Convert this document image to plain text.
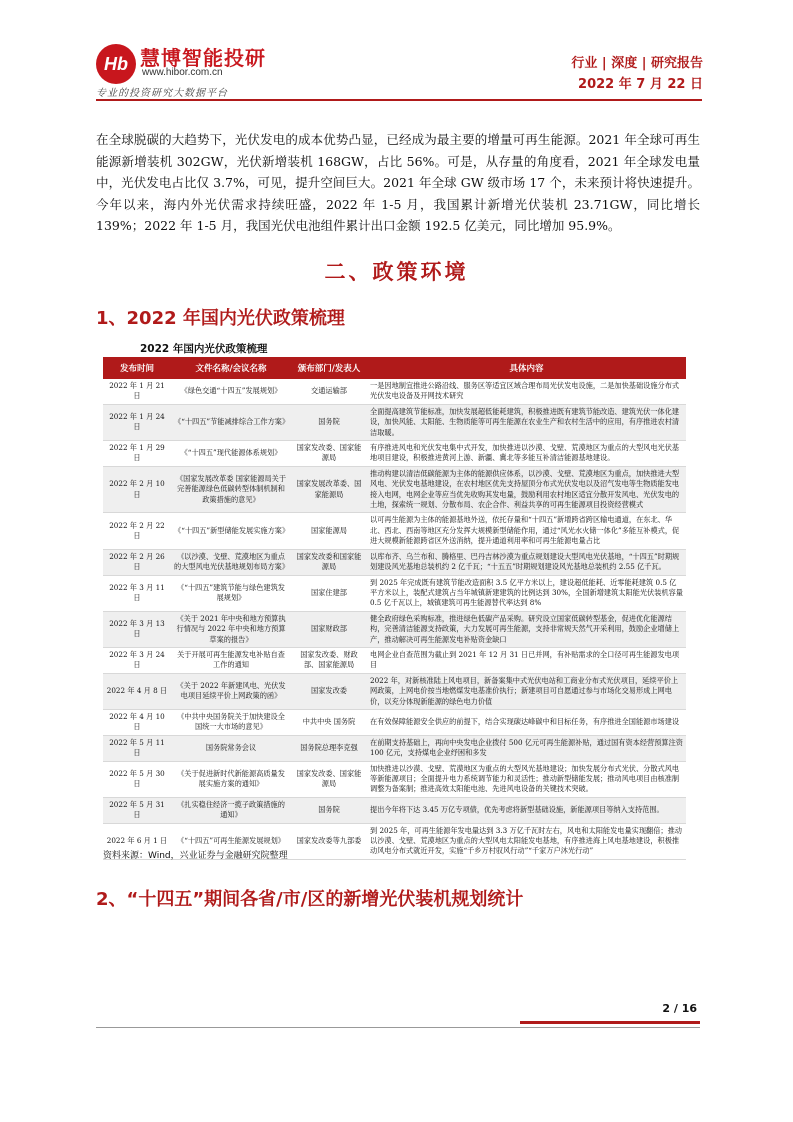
Hb 慧博智能投研
www.hibor.com.cn
专业的投资研究大数据平台
行业 | 深度 | 研究报告
2022 年 7 月 22 日

在全球脱碳的大趋势下，光伏发电的成本优势凸显，已经成为最主要的增量可再生能源。2021 年全球可再生能源新增装机 302GW，光伏新增装机 168GW，占比 56%。可是，从存量的角度看，2021 年全球发电量中，光伏发电占比仅 3.7%，可见，提升空间巨大。2021 年全球 GW 级市场 17 个，未来预计将快速提升。今年以来，海内外光伏需求持续旺盛，2022 年 1-5 月，我国累计新增光伏装机 23.71GW，同比增长 139%；2022 年 1-5 月，我国光伏电池组件累计出口金额 192.5 亿美元，同比增加 95.9%。

二、政策环境
1、2022 年国内光伏政策梳理
2022 年国内光伏政策梳理
发布时间	文件名称/会议名称	颁布部门/发表人	具体内容
2022 年 1 月 21 日	《绿色交通“十四五”发展规划》	交通运输部	一是因地制宜推进公路沿线、服务区等适宜区域合理布局光伏发电设施，二是加快基础设施分布式光伏发电设备及开网技术研究
2022 年 1 月 24 日	《“十四五”节能减排综合工作方案》	国务院	全面提高建筑节能标准，加快发展超低能耗建筑，积极推进既有建筑节能改造、建筑光伏一体化建设，加快风能、太阳能、生物质能等可再生能源在农业生产和农村生活中的应用，有序推进农村清洁取暖。
2022 年 1 月 29 日	《“十四五”现代能源体系规划》	国家发改委、国家能源局	有序推进风电和光伏发电集中式开发，加快推进以沙漠、戈壁、荒漠地区为重点的大型风电光伏基地项目建设，积极推进黄河上游、新疆、冀北等多能互补清洁能源基地建设。
2022 年 2 月 10 日	《国家发展改革委 国家能源局关于完善能源绿色低碳转型体制机制和政策措施的意见》	国家发展改革委、国家能源局	推动构建以清洁低碳能源为主体的能源供应体系，以沙漠、戈壁、荒漠地区为重点，加快推进大型风电、光伏发电基地建设，在农村地区优先支持屋顶分布式光伏发电以及沼气发电等生物质能发电接入电网，电网企业等应当优先收购其发电量，鼓励利用农村地区适宜分散开发风电、光伏发电的土地，探索统一规划、分散布局、农企合作、利益共享的可再生能源项目投资经营模式
2022 年 2 月 22 日	《“十四五”新型储能发展实施方案》	国家能源局	以可再生能源为主体的能源基地外送，依托存量和“十四五”新增跨省跨区输电通道，在东北、华北、西北、西南等地区充分发挥大规模新型储能作用，通过“风光水火储一体化”多能互补模式，促进大规模新能源跨省区外送消纳，提升通道利用率和可再生能源电量占比
2022 年 2 月 26 日	《以沙漠、戈壁、荒漠地区为重点的大型风电光伏基地规划布局方案》	国家发改委和国家能源局	以库布齐、乌兰布和、腾格里、巴丹吉林沙漠为重点规划建设大型风电光伏基地，“十四五”时期规划建设风光基地总装机约 2 亿千瓦；“十五五”时期规划建设风光基地总装机约 2.55 亿千瓦。
2022 年 3 月 11 日	《“十四五”建筑节能与绿色建筑发展规划》	国家住建部	到 2025 年完成既有建筑节能改造面积 3.5 亿平方米以上，建设超低能耗、近零能耗建筑 0.5 亿平方米以上，装配式建筑占当年城镇新建建筑的比例达到 30%，全国新增建筑太阳能光伏装机容量 0.5 亿千瓦以上，城镇建筑可再生能源替代率达到 8%
2022 年 3 月 13 日	《关于 2021 年中央和地方预算执行情况与 2022 年中央和地方预算草案的报告》	国家财政部	健全政府绿色采购标准，推进绿色低碳产品采购。研究设立国家低碳转型基金，促进优化能源结构，完善清洁能源支持政策，大力发展可再生能源，支持非常规天然气开采利用，鼓励企业增储上产，推动解决可再生能源发电补贴资金缺口
2022 年 3 月 24 日	关于开展可再生能源发电补贴自查工作的通知	国家发改委、财政部、国家能源局	电网企业自查范围为截止到 2021 年 12 月 31 日已并网，有补贴需求的全口径可再生能源发电项目
2022 年 4 月 8 日	《关于 2022 年新建风电、光伏发电项目延续平价上网政策的函》	国家发改委	2022 年，对新核准陆上风电项目，新备案集中式光伏电站和工商业分布式光伏项目，延续平价上网政策，上网电价按当地燃煤发电基准价执行；新建项目可自愿通过参与市场化交易形成上网电价，以充分体现新能源的绿色电力价值
2022 年 4 月 10 日	《中共中央国务院关于加快建设全国统一大市场的意见》	中共中央 国务院	在有效保障能源安全供应的前提下，结合实现碳达峰碳中和目标任务，有序推进全国能源市场建设
2022 年 5 月 11 日	国务院常务会议	国务院总理李克强	在前期支持基础上，再向中央发电企业拨付 500 亿元可再生能源补贴，通过国有资本经营预算注资 100 亿元，支持煤电企业纾困和多发
2022 年 5 月 30 日	《关于促进新时代新能源高质量发展实施方案的通知》	国家发改委、国家能源局	加快推进以沙漠、戈壁、荒漠地区为重点的大型风光基地建设；加快发展分布式光伏、分散式风电等新能源项目；全面提升电力系统调节能力和灵活性；推动新型储能发展；推动风电项目由核准制调整为备案制；推进高效太阳能电池、先进风电设备的关键技术突破。
2022 年 5 月 31 日	《扎实稳住经济一揽子政策措施的通知》	国务院	提出今年将下达 3.45 万亿专项债，优先考虑将新型基础设施，新能源项目等纳入支持范围。
2022 年 6 月 1 日	《“十四五”可再生能源发展规划》	国家发改委等九部委	到 2025 年，可再生能源年发电量达到 3.3 万亿千瓦时左右，风电和太阳能发电量实现翻倍；推动以沙漠、戈壁、荒漠地区为重点的大型风电太阳能发电基地，有序推进海上风电基地建设，积极推动风电分布式就近开发，实施“千乡万村驭风行动”“千家万户沐光行动”
资料来源：Wind，兴业证券与金融研究院整理
2、“十四五”期间各省/市/区的新增光伏装机规划统计
2 / 16
